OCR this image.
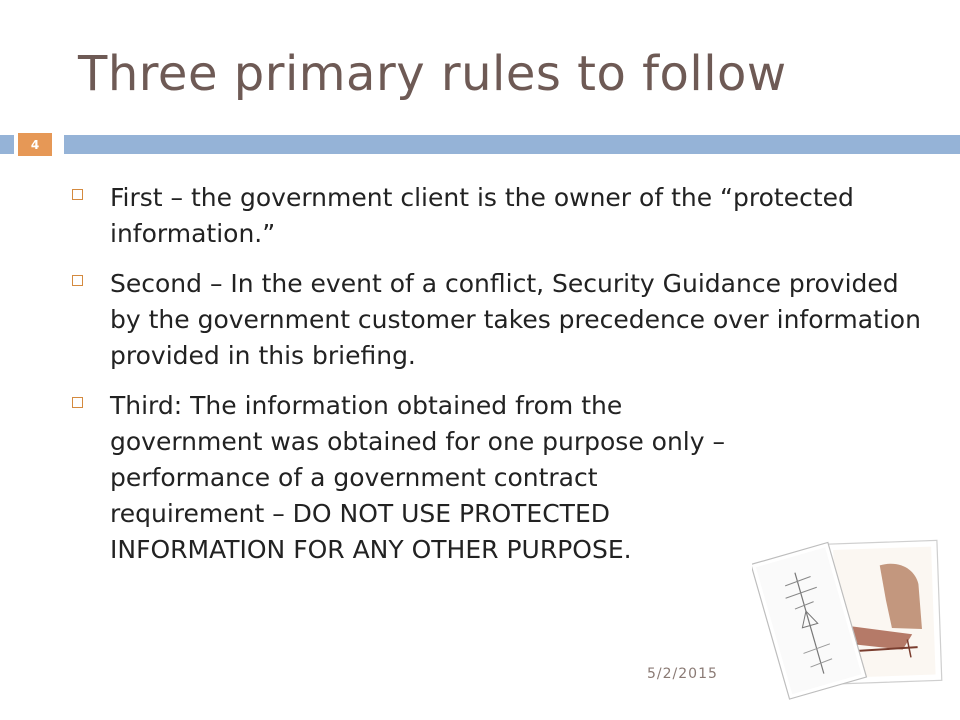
Three primary rules to follow
4
First – the government client is the owner of the “protected information.”
Second – In the event of a conflict, Security Guidance provided by the government customer takes precedence over information provided in this briefing.
Third: The information obtained from the government was obtained for one purpose only – performance of a government contract requirement – DO NOT USE PROTECTED INFORMATION FOR ANY OTHER PURPOSE.
5/2/2015
